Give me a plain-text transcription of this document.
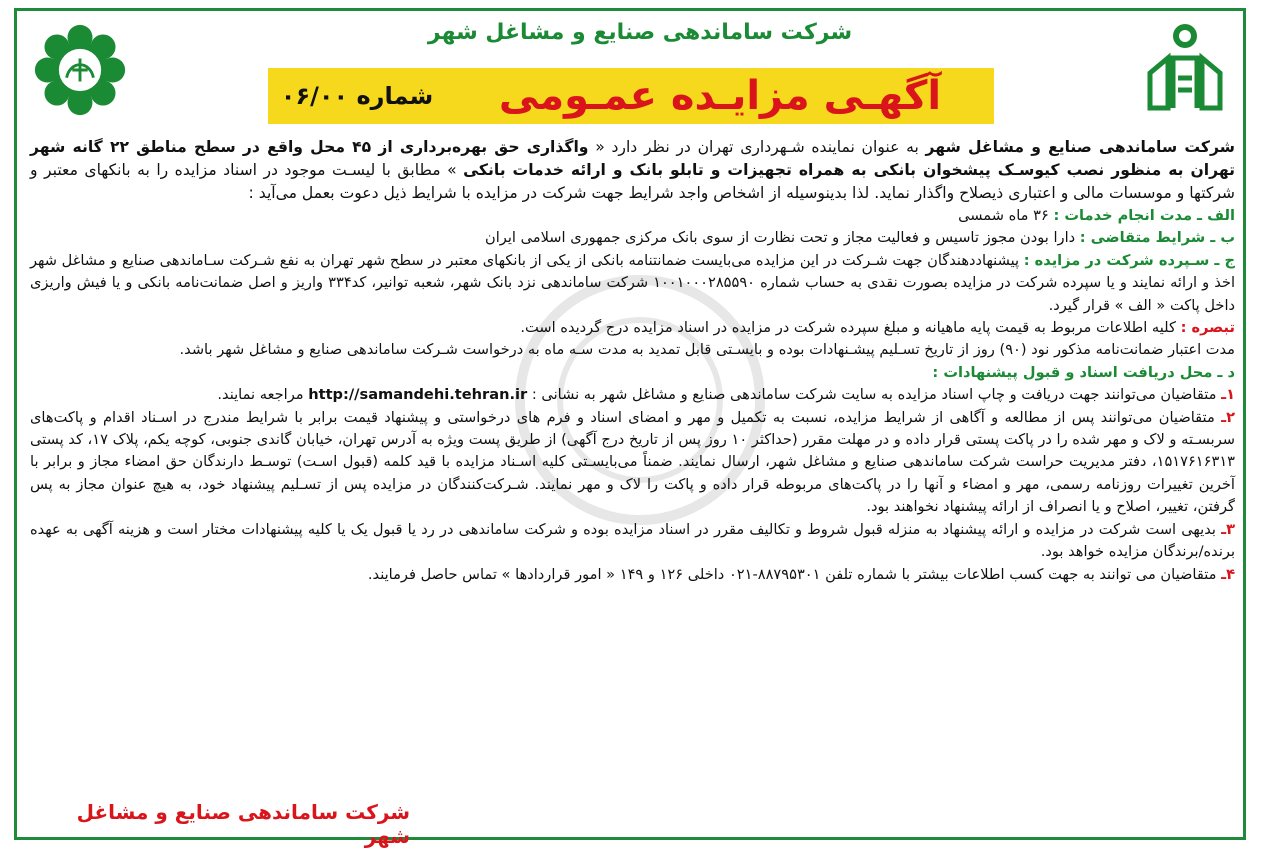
شرکت ساماندهی صنایع و مشاغل شهر
شماره ۰۶/۰۰	آگهـی مزایـده عمـومی

شرکت ساماندهی صنایع و مشاغل شهر به عنوان نماینده شـهرداری تهران در نظر دارد « واگذاری حق بهره‌برداری از ۴۵ محل واقع در سطح مناطق ۲۲ گانه شهر تهران به منظور نصب کیوسـک پیشخوان بانکی به همراه تجهیزات و تابلو بانک و ارائه خدمات بانکی » مطابق با لیسـت موجود در اسناد مزایده را به بانکهای معتبر و شرکتها و موسسات مالی و اعتباری ذیصلاح واگذار نماید. لذا بدینوسیله از اشخاص واجد شرایط جهت شرکت در مزایده با شرایط ذیل دعوت بعمل می‌آید :

الف ـ مدت انجام خدمات : ۳۶ ماه شمسی

ب ـ شرایط متقاضی : دارا بودن مجوز تاسیس و فعالیت مجاز و تحت نظارت از سوی بانک مرکزی جمهوری اسلامی ایران

ج ـ سـپرده شرکت در مزایده : پیشنهاددهندگان جهت شـرکت در این مزایده می‌بایست ضمانتنامه بانکی از یکی از بانکهای معتبر در سطح شهر تهران به نفع شـرکت سـاماندهی صنایع و مشاغل شهر اخذ و ارائه نمایند و یا سپرده شرکت در مزایده بصورت نقدی به حساب شماره ۱۰۰۱۰۰۰۲۸۵۵۹۰ شرکت ساماندهی نزد بانک شهر، شعبه توانیر، کد۳۳۴ واریز و اصل ضمانت‌نامه بانکی و یا فیش واریزی داخل پاکت « الف » قرار گیرد.

تبصره : کلیه اطلاعات مربوط به قیمت پایه ماهیانه و مبلغ سپرده شرکت در مزایده در اسناد مزایده درج گردیده است.

مدت اعتبار ضمانت‌نامه مذکور نود (۹۰) روز از تاریخ تسـلیم پیشـنهادات بوده و بایسـتی قابل تمدید به مدت سـه ماه به درخواست شـرکت ساماندهی صنایع و مشاغل شهر باشد.

د ـ محل دریافت اسناد و قبول پیشنهادات :

۱ـ متقاضیان می‌توانند جهت دریافت و چاپ اسناد مزایده به سایت شرکت ساماندهی صنایع و مشاغل شهر به نشانی : http://samandehi.tehran.ir مراجعه نمایند.

۲ـ متقاضیان می‌توانند پس از مطالعه و آگاهی از شرایط مزایده، نسبت به تکمیل و مهر و امضای اسناد و فرم های درخواستی و پیشنهاد قیمت برابر با شرایط مندرج در اسـناد اقدام و پاکت‌های سربسـته و لاک و مهر شده را در پاکت پستی قرار داده و در مهلت مقرر (حداکثر ۱۰ روز پس از تاریخ درج آگهی) از طریق پست ویژه به آدرس تهران، خیابان گاندی جنوبی، کوچه یکم، پلاک ۱۷، کد پستی ۱۵۱۷۶۱۶۳۱۳، دفتر مدیریت حراست شرکت ساماندهی صنایع و مشاغل شهر، ارسال نمایند. ضمناً می‌بایسـتی کلیه اسـناد مزایده با قید کلمه (قبول اسـت) توسـط دارندگان حق امضاء مجاز و برابر با آخرین تغییرات روزنامه رسمی، مهر و امضاء و آنها را در پاکت‌های مربوطه قرار داده و پاکت را لاک و مهر نمایند. شـرکت‌کنندگان در مزایده پس از تسـلیم پیشنهاد خود، به هیچ عنوان مجاز به پس گرفتن، تغییر، اصلاح و یا انصراف از ارائه پیشنهاد نخواهند بود.

۳ـ بدیهی است شرکت در مزایده و ارائه پیشنهاد به منزله قبول شروط و تکالیف مقرر در اسناد مزایده بوده و شرکت ساماندهی در رد یا قبول یک یا کلیه پیشنهادات مختار است و هزینه آگهی به عهده برنده/برندگان مزایده خواهد بود.

۴ـ متقاضیان می توانند به جهت کسب اطلاعات بیشتر با شماره تلفن ۸۸۷۹۵۳۰۱-۰۲۱ داخلی ۱۲۶ و ۱۴۹ « امور قراردادها » تماس حاصل فرمایند.

شرکت ساماندهی صنایع و مشاغل شهر
